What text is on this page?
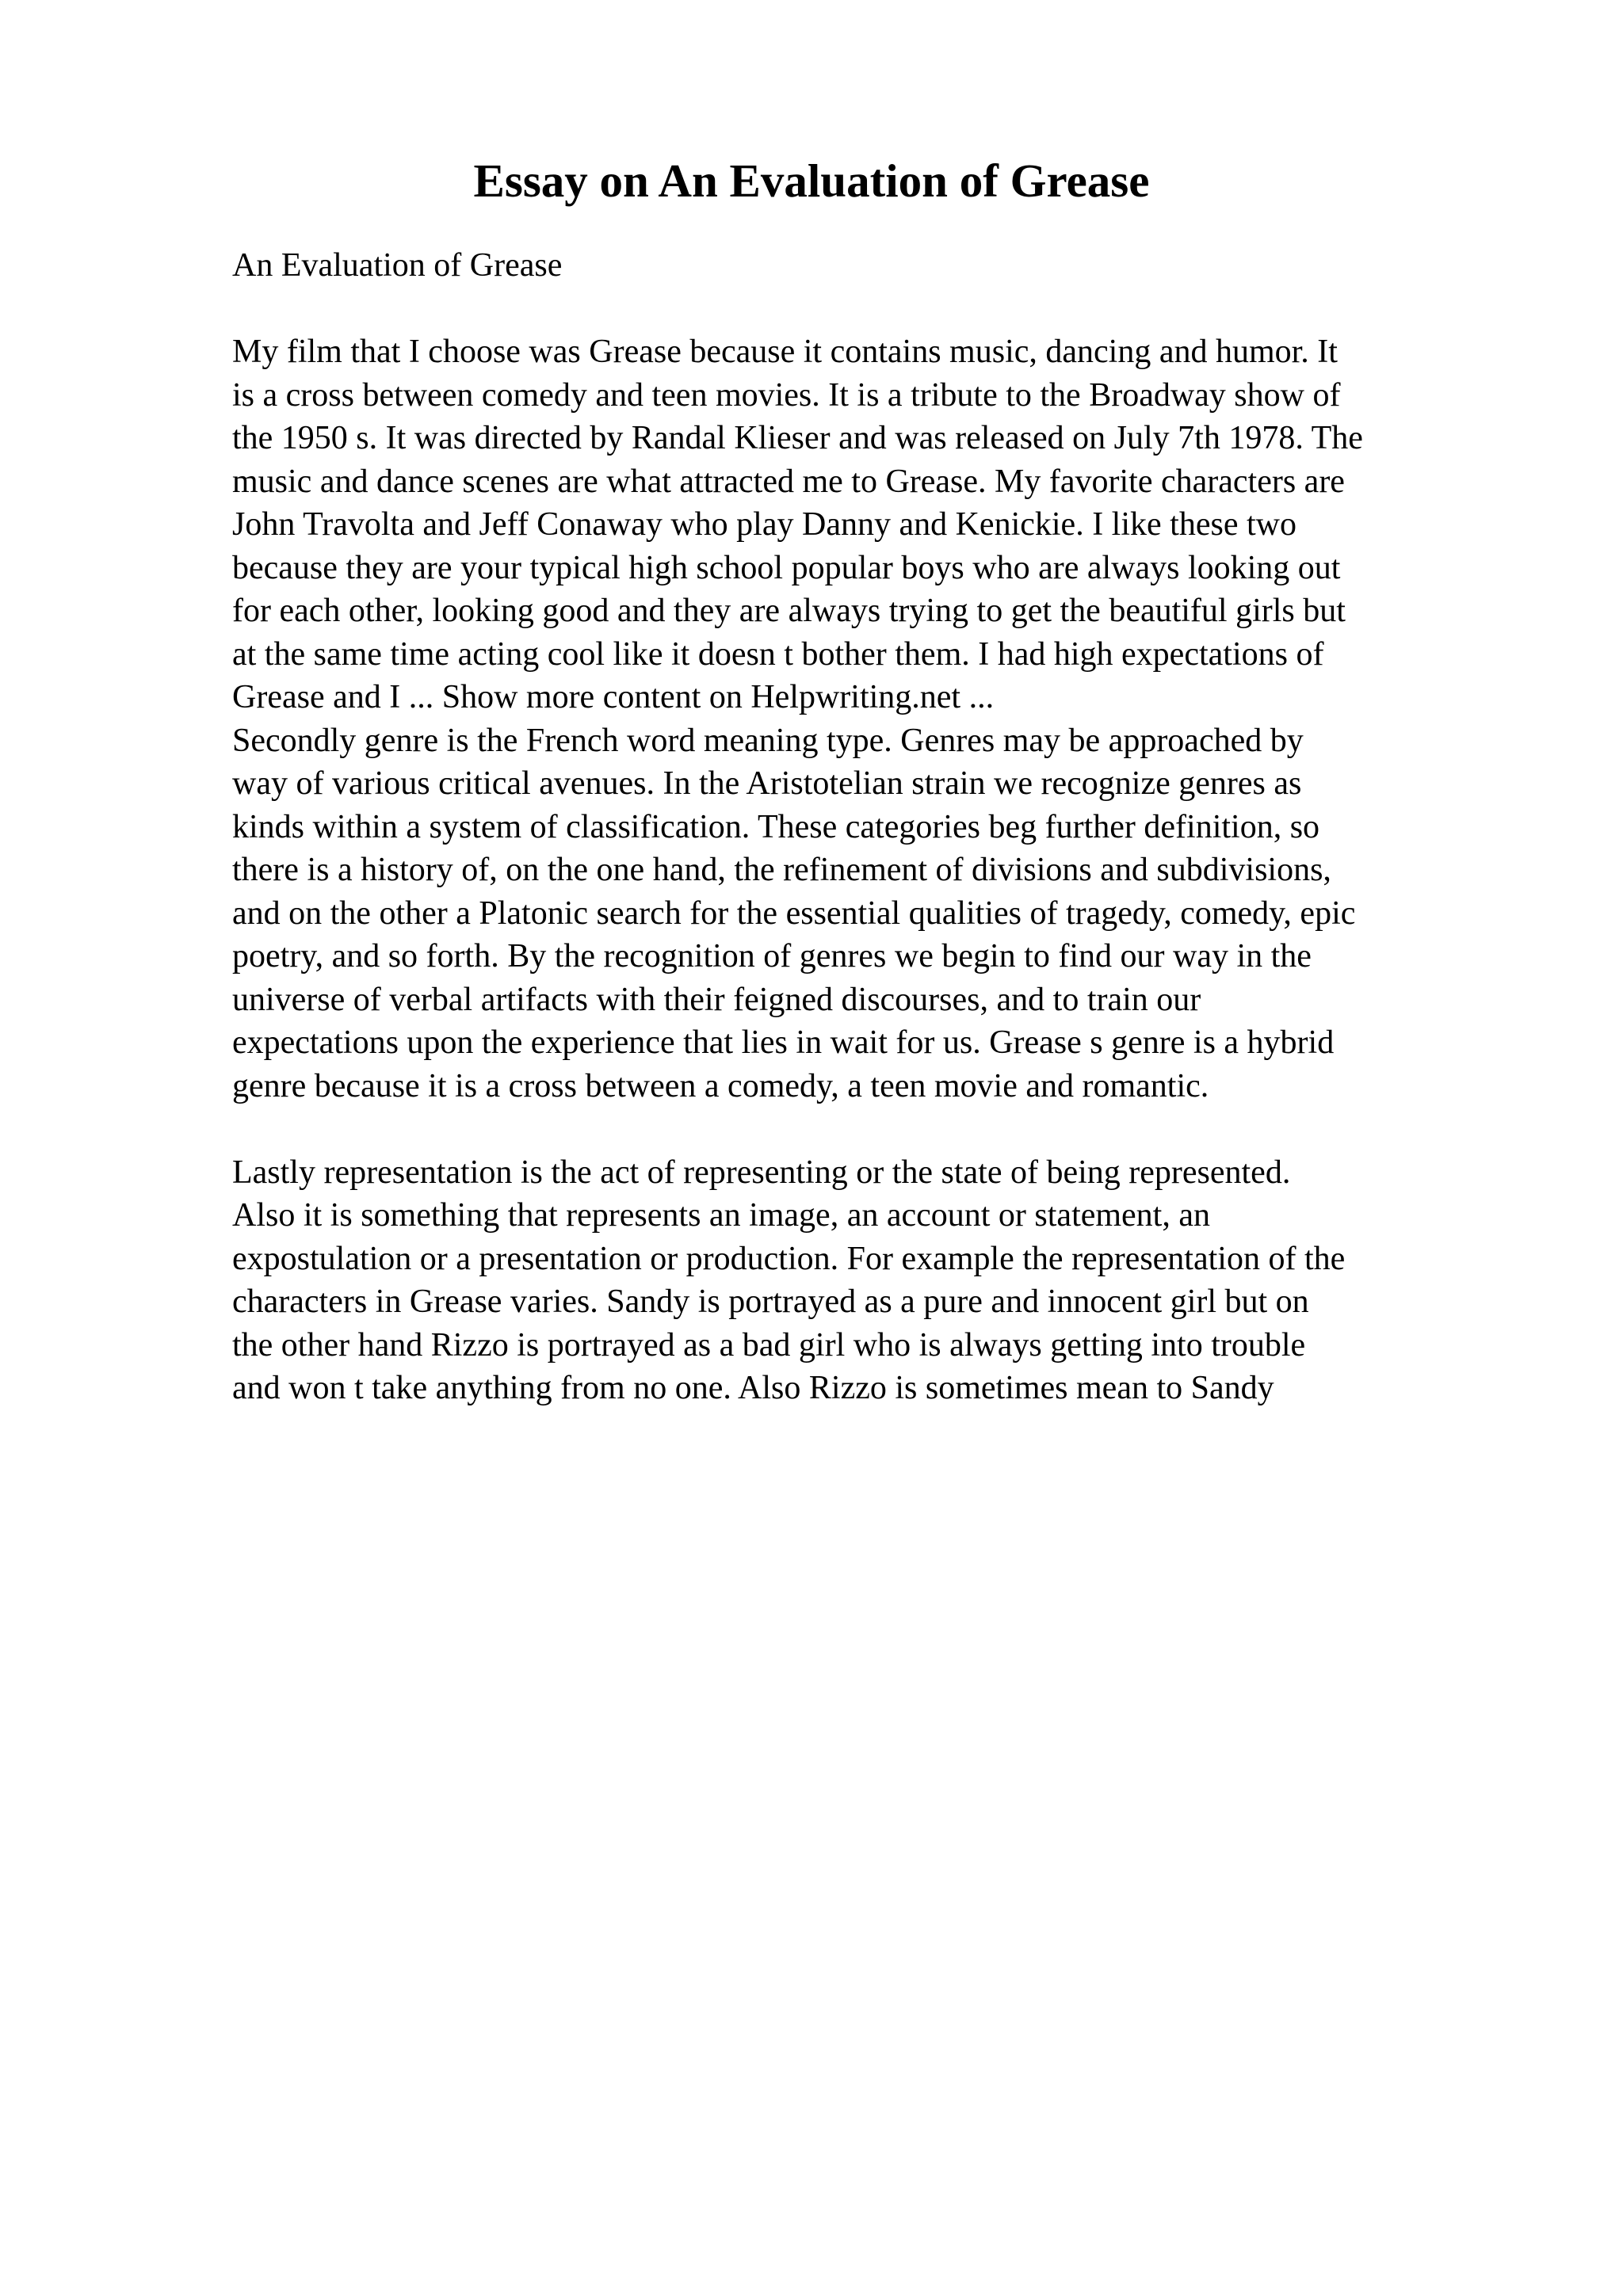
Essay on An Evaluation of Grease
An Evaluation of Grease
My film that I choose was Grease because it contains music, dancing and humor. It
is a cross between comedy and teen movies. It is a tribute to the Broadway show of
the 1950 s. It was directed by Randal Klieser and was released on July 7th 1978. The
music and dance scenes are what attracted me to Grease. My favorite characters are
John Travolta and Jeff Conaway who play Danny and Kenickie. I like these two
because they are your typical high school popular boys who are always looking out
for each other, looking good and they are always trying to get the beautiful girls but
at the same time acting cool like it doesn t bother them. I had high expectations of
Grease and I ... Show more content on Helpwriting.net ...
Secondly genre is the French word meaning type. Genres may be approached by
way of various critical avenues. In the Aristotelian strain we recognize genres as
kinds within a system of classification. These categories beg further definition, so
there is a history of, on the one hand, the refinement of divisions and subdivisions,
and on the other a Platonic search for the essential qualities of tragedy, comedy, epic
poetry, and so forth. By the recognition of genres we begin to find our way in the
universe of verbal artifacts with their feigned discourses, and to train our
expectations upon the experience that lies in wait for us. Grease s genre is a hybrid
genre because it is a cross between a comedy, a teen movie and romantic.
Lastly representation is the act of representing or the state of being represented.
Also it is something that represents an image, an account or statement, an
expostulation or a presentation or production. For example the representation of the
characters in Grease varies. Sandy is portrayed as a pure and innocent girl but on
the other hand Rizzo is portrayed as a bad girl who is always getting into trouble
and won t take anything from no one. Also Rizzo is sometimes mean to Sandy
